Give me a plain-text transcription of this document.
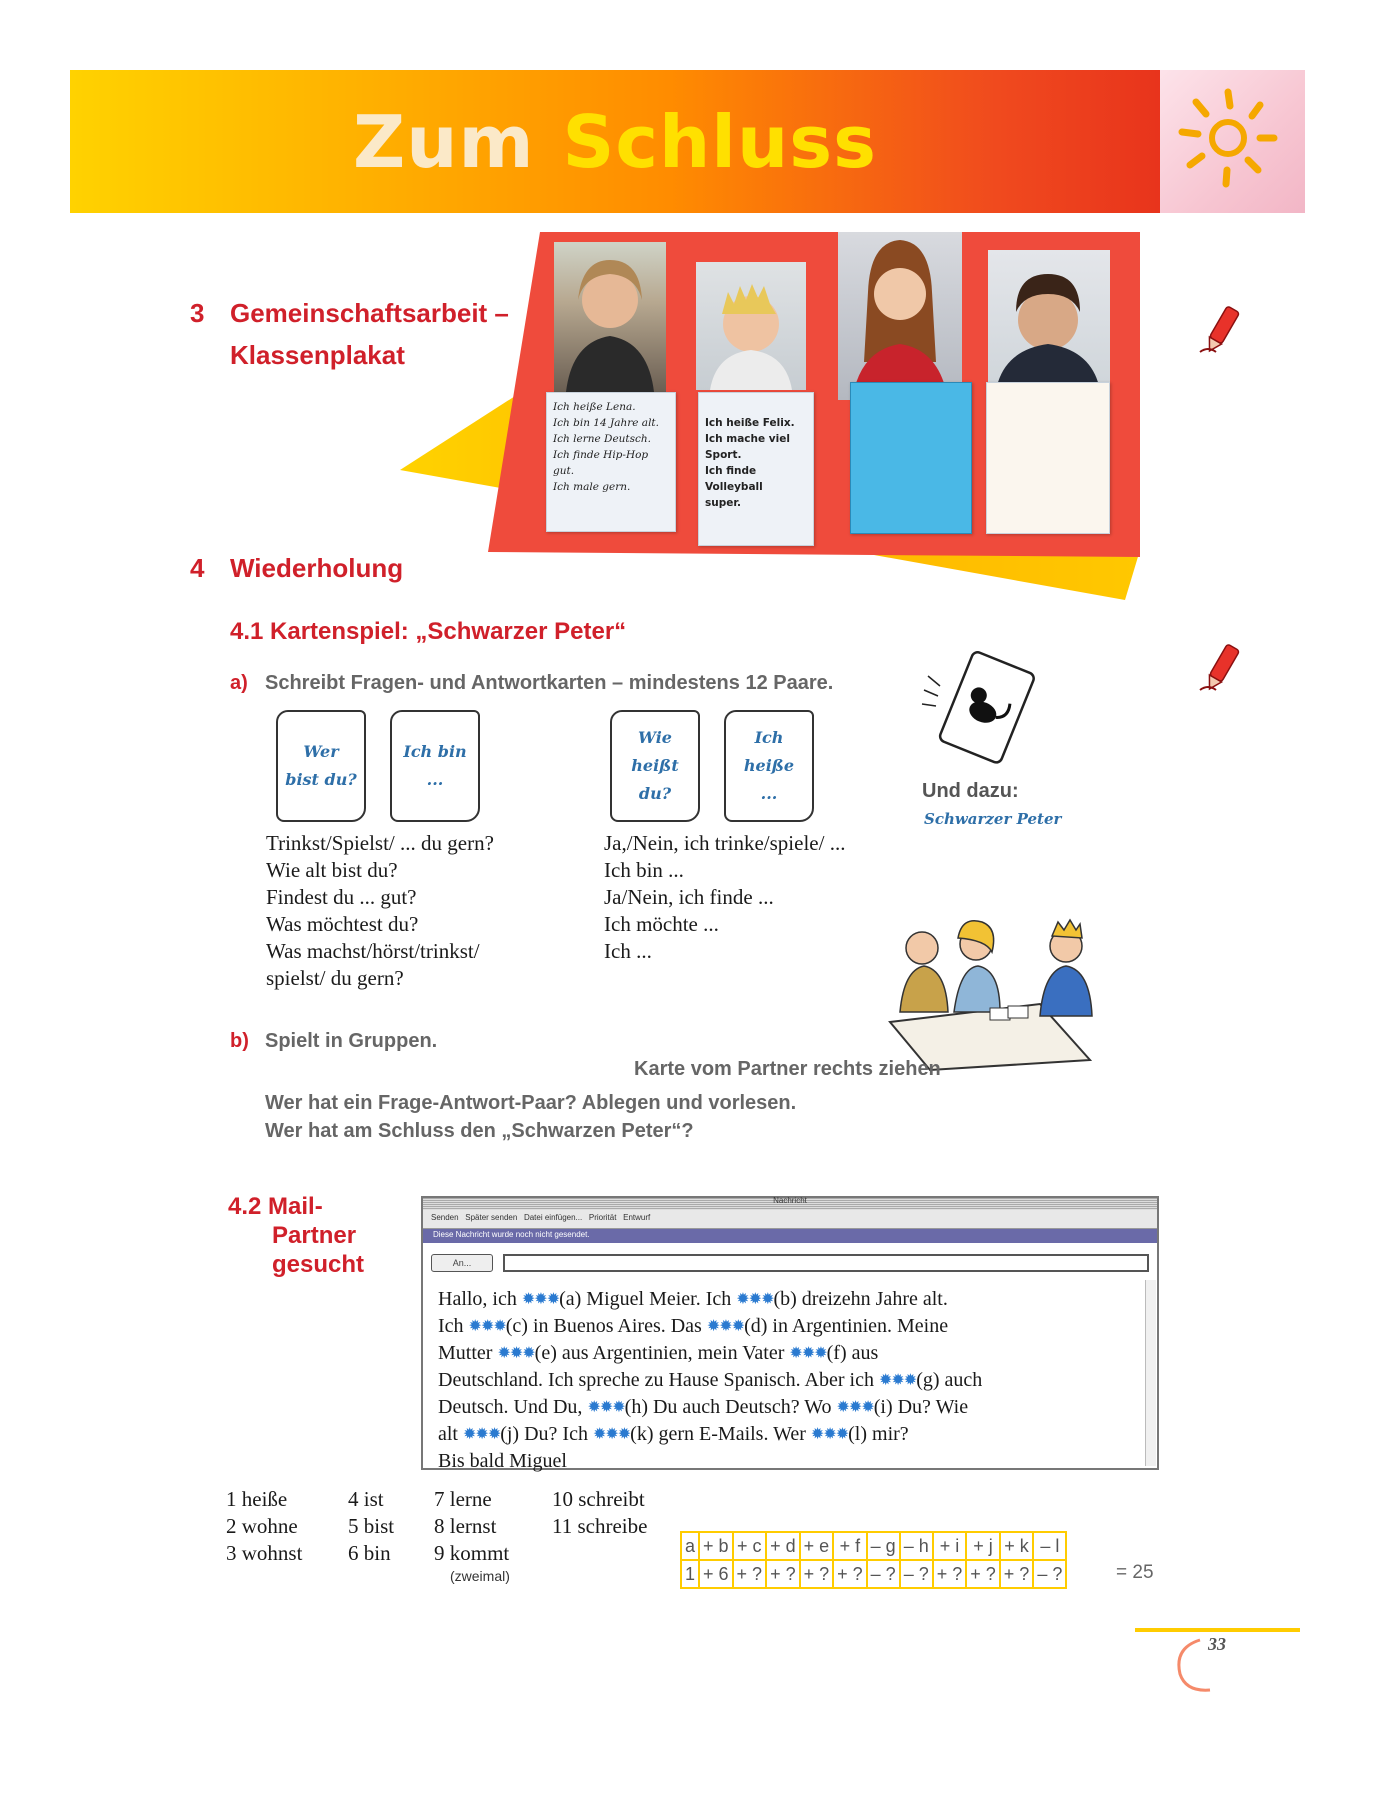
Zum Schluss
3 Gemeinschaftsarbeit –
Klassenplakat
Ich heiße Lena.
Ich bin 14 Jahre alt.
Ich lerne Deutsch.
Ich finde Hip-Hop gut.
Ich male gern.
Ich heiße Felix.
Ich mache viel Sport.
Ich finde Volleyball
super.
4 Wiederholung
4.1 Kartenspiel: „Schwarzer Peter“
a) Schreibt Fragen- und Antwortkarten – mindestens 12 Paare.
Wer
bist du?
Ich bin
...
Wie
heißt
du?
Ich
heiße
...	Und dazu:
Schwarzer Peter
Trinkst/Spielst/ ... du gern?
Wie alt bist du?
Findest du ... gut?
Was möchtest du?
Was machst/hörst/trinkst/
spielst/ du gern?
Ja,/Nein, ich trinke/spiele/ ...
Ich bin ...
Ja/Nein, ich finde ...
Ich möchte ...
Ich ...
b) Spielt in Gruppen.
Karte vom Partner rechts ziehen
Wer hat ein Frage-Antwort-Paar? Ablegen und vorlesen.
Wer hat am Schluss den „Schwarzen Peter“?
4.2 Mail-
Partner
gesucht
Nachricht
Senden   Später senden   Datei einfügen...   Priorität   Entwurf
Diese Nachricht wurde noch nicht gesendet.
An...
Hallo, ich ✹✹✹(a) Miguel Meier. Ich ✹✹✹(b) dreizehn Jahre alt.
Ich ✹✹✹(c) in Buenos Aires. Das ✹✹✹(d) in Argentinien. Meine
Mutter ✹✹✹(e) aus Argentinien, mein Vater ✹✹✹(f) aus
Deutschland. Ich spreche zu Hause Spanisch. Aber ich ✹✹✹(g) auch
Deutsch. Und Du, ✹✹✹(h) Du auch Deutsch? Wo ✹✹✹(i) Du? Wie
alt ✹✹✹(j) Du? Ich ✹✹✹(k) gern E-Mails. Wer ✹✹✹(l) mir?
Bis bald Miguel
1 heiße
2 wohne
3 wohnst
4 ist
5 bist
6 bin
7 lerne
8 lernst
9 kommt
(zweimal)
10 schreibt
11 schreibe
a	+ b	+ c	+ d	+ e	+ f	– g	– h	+ i	+ j	+ k	– l
1	+ 6	+ ?	+ ?	+ ?	+ ?	– ?	– ?	+ ?	+ ?	+ ?	– ?	= 25
33
